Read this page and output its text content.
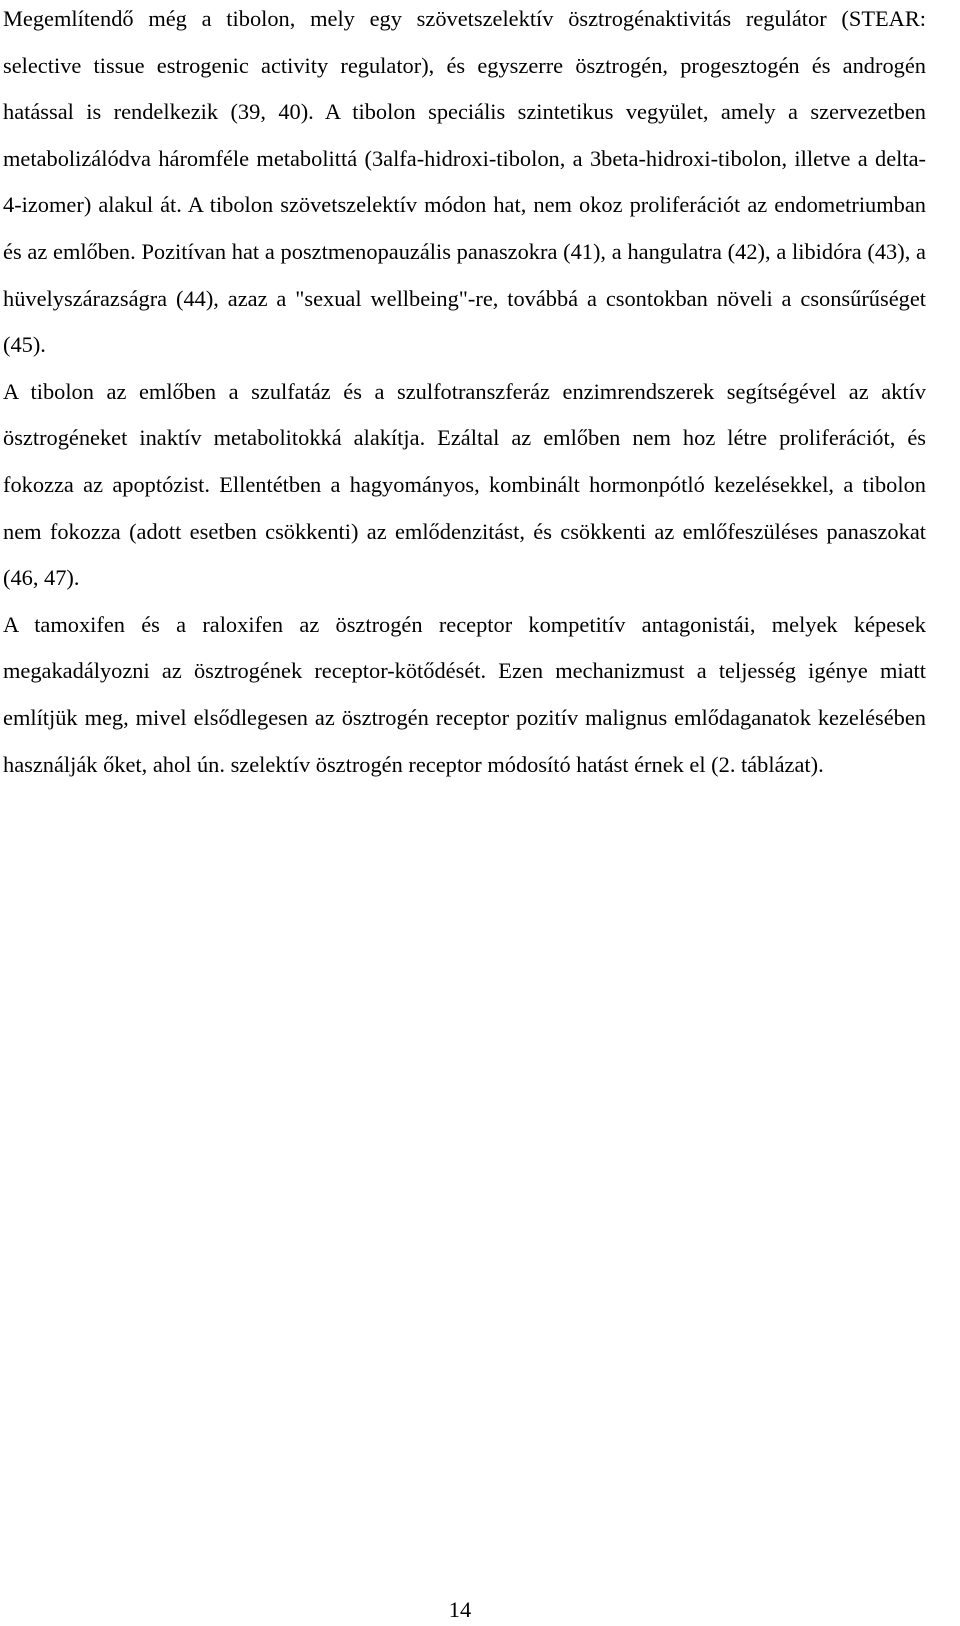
Megemlítendő még a tibolon, mely egy szövetszelektív ösztrogénaktivitás regulátor (STEAR: selective tissue estrogenic activity regulator), és egyszerre ösztrogén, progesztogén és androgén hatással is rendelkezik (39, 40). A tibolon speciális szintetikus vegyület, amely a szervezetben metabolizálódva háromféle metabolittá (3alfa-hidroxi-tibolon, a 3beta-hidroxi-tibolon, illetve a delta-4-izomer) alakul át. A tibolon szövetszelektív módon hat, nem okoz proliferációt az endometriumban és az emlőben. Pozitívan hat a posztmenopauzális panaszokra (41), a hangulatra (42), a libidóra (43), a hüvelyszárazságra (44), azaz a "sexual wellbeing"-re, továbbá a csontokban növeli a csonsűrűséget (45).

A tibolon az emlőben a szulfatáz és a szulfotranszferáz enzimrendszerek segítségével az aktív ösztrogéneket inaktív metabolitokká alakítja. Ezáltal az emlőben nem hoz létre proliferációt, és fokozza az apoptózist. Ellentétben a hagyományos, kombinált hormonpótló kezelésekkel, a tibolon nem fokozza (adott esetben csökkenti) az emlődenzitást, és csökkenti az emlőfeszüléses panaszokat (46, 47).

A tamoxifen és a raloxifen az ösztrogén receptor kompetitív antagonistái, melyek képesek megakadályozni az ösztrogének receptor-kötődését. Ezen mechanizmust a teljesség igénye miatt említjük meg, mivel elsődlegesen az ösztrogén receptor pozitív malignus emlődaganatok kezelésében használják őket, ahol ún. szelektív ösztrogén receptor módosító hatást érnek el (2. táblázat).

14
